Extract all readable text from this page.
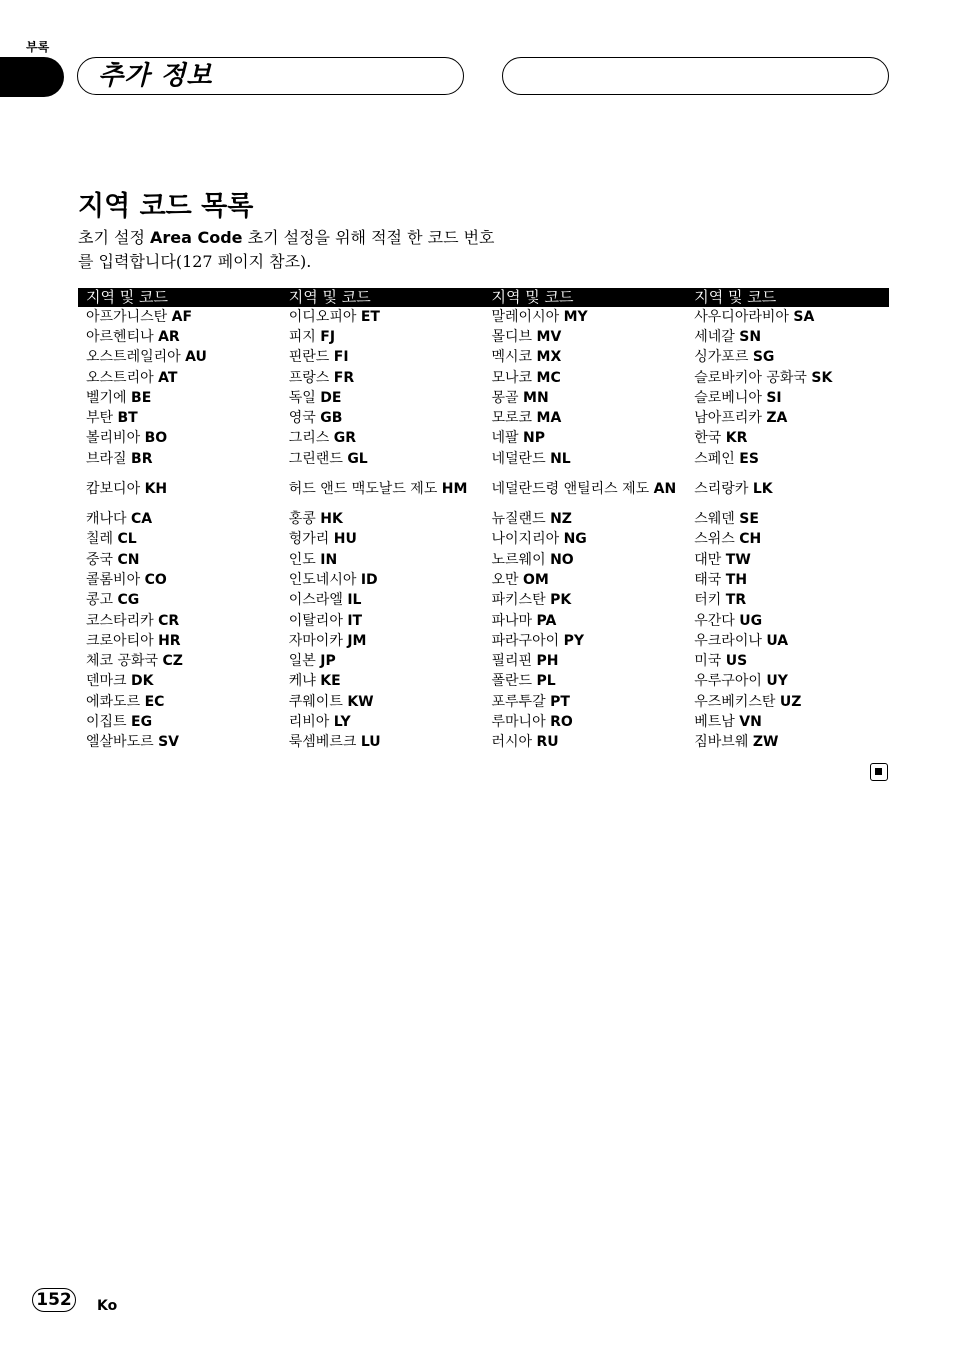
부록
추가 정보
지역 코드 목록

초기 설정 Area Code 초기 설정을 위해 적절 한 코드 번호를 입력합니다(127 페이지 참조).

지역 및 코드	지역 및 코드	지역 및 코드	지역 및 코드
아프가니스탄 AF	이디오피아 ET	말레이시아 MY	사우디아라비아 SA
아르헨티나 AR	피지 FJ	몰디브 MV	세네갈 SN
오스트레일리아 AU	핀란드 FI	멕시코 MX	싱가포르 SG
오스트리아 AT	프랑스 FR	모나코 MC	슬로바키아 공화국 SK
벨기에 BE	독일 DE	몽골 MN	슬로베니아 SI
부탄 BT	영국 GB	모로코 MA	남아프리카 ZA
볼리비아 BO	그리스 GR	네팔 NP	한국 KR
브라질 BR	그린랜드 GL	네덜란드 NL	스페인 ES
캄보디아 KH	허드 앤드 맥도날드 제도 HM	네덜란드령 앤틸리스 제도 AN	스리랑카 LK
캐나다 CA	홍콩 HK	뉴질랜드 NZ	스웨덴 SE
칠레 CL	헝가리 HU	나이지리아 NG	스위스 CH
중국 CN	인도 IN	노르웨이 NO	대만 TW
콜롬비아 CO	인도네시아 ID	오만 OM	태국 TH
콩고 CG	이스라엘 IL	파키스탄 PK	터키 TR
코스타리카 CR	이탈리아 IT	파나마 PA	우간다 UG
크로아티아 HR	자마이카 JM	파라구아이 PY	우크라이나 UA
체코 공화국 CZ	일본 JP	필리핀 PH	미국 US
덴마크 DK	케냐 KE	폴란드 PL	우루구아이 UY
에콰도르 EC	쿠웨이트 KW	포루투갈 PT	우즈베키스탄 UZ
이집트 EG	리비아 LY	루마니아 RO	베트남 VN
엘살바도르 SV	룩셈베르크 LU	러시아 RU	짐바브웨 ZW
152	Ko
